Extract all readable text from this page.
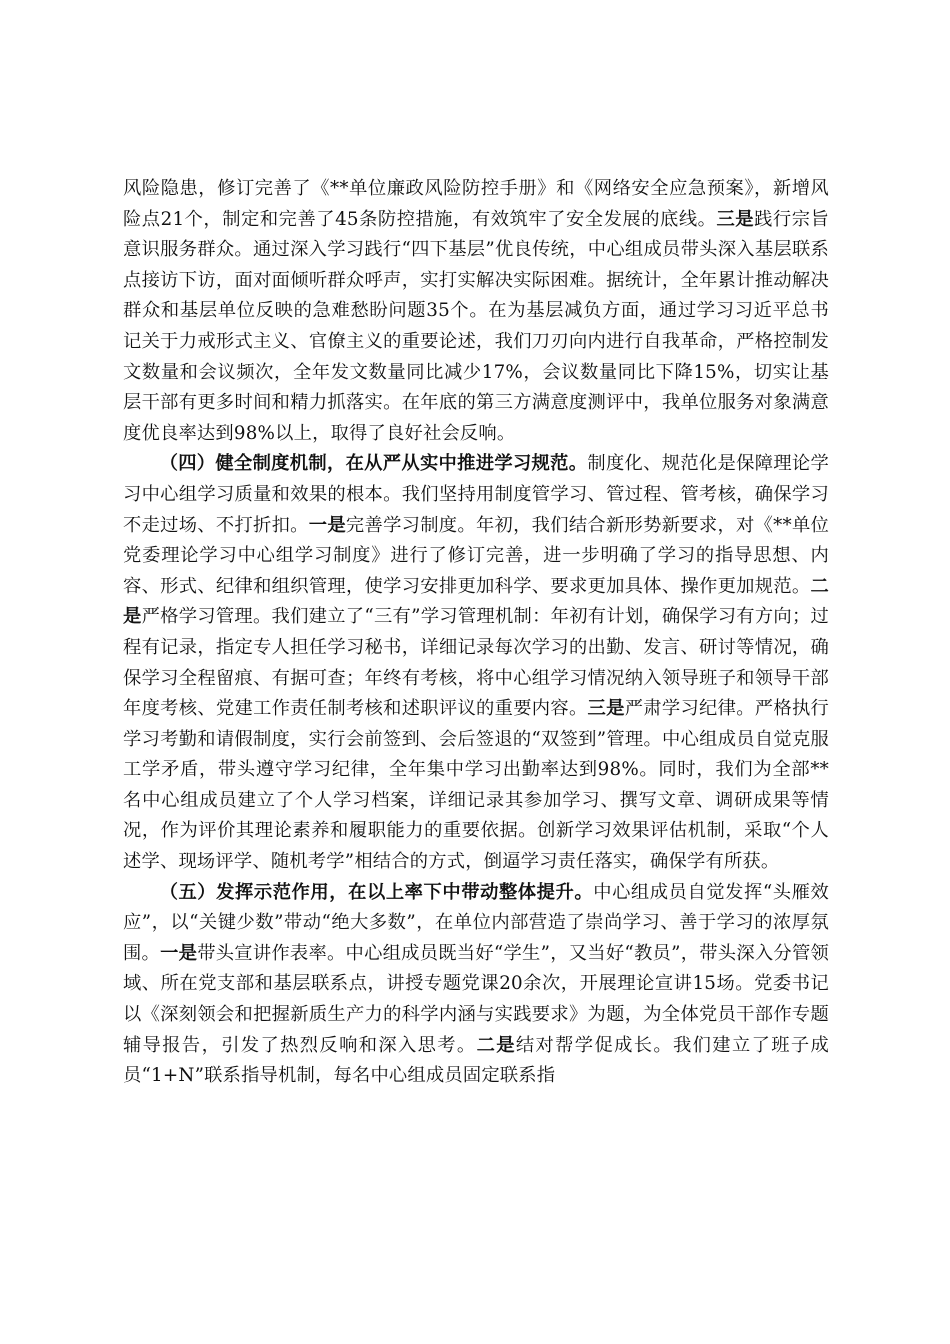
风险隐患，修订完善了《**单位廉政风险防控手册》和《网络安全应急预案》，新增风险点21个，制定和完善了45条防控措施，有效筑牢了安全发展的底线。三是践行宗旨意识服务群众。通过深入学习践行“四下基层”优良传统，中心组成员带头深入基层联系点接访下访，面对面倾听群众呼声，实打实解决实际困难。据统计，全年累计推动解决群众和基层单位反映的急难愁盼问题35个。在为基层减负方面，通过学习习近平总书记关于力戒形式主义、官僚主义的重要论述，我们刀刃向内进行自我革命，严格控制发文数量和会议频次，全年发文数量同比减少17%，会议数量同比下降15%，切实让基层干部有更多时间和精力抓落实。在年底的第三方满意度测评中，我单位服务对象满意度优良率达到98%以上，取得了良好社会反响。

（四）健全制度机制，在从严从实中推进学习规范。制度化、规范化是保障理论学习中心组学习质量和效果的根本。我们坚持用制度管学习、管过程、管考核，确保学习不走过场、不打折扣。一是完善学习制度。年初，我们结合新形势新要求，对《**单位党委理论学习中心组学习制度》进行了修订完善，进一步明确了学习的指导思想、内容、形式、纪律和组织管理，使学习安排更加科学、要求更加具体、操作更加规范。二是严格学习管理。我们建立了“三有”学习管理机制：年初有计划，确保学习有方向；过程有记录，指定专人担任学习秘书，详细记录每次学习的出勤、发言、研讨等情况，确保学习全程留痕、有据可查；年终有考核，将中心组学习情况纳入领导班子和领导干部年度考核、党建工作责任制考核和述职评议的重要内容。三是严肃学习纪律。严格执行学习考勤和请假制度，实行会前签到、会后签退的“双签到”管理。中心组成员自觉克服工学矛盾，带头遵守学习纪律，全年集中学习出勤率达到98%。同时，我们为全部**名中心组成员建立了个人学习档案，详细记录其参加学习、撰写文章、调研成果等情况，作为评价其理论素养和履职能力的重要依据。创新学习效果评估机制，采取“个人述学、现场评学、随机考学”相结合的方式，倒逼学习责任落实，确保学有所获。

（五）发挥示范作用，在以上率下中带动整体提升。中心组成员自觉发挥“头雁效应”，以“关键少数”带动“绝大多数”，在单位内部营造了崇尚学习、善于学习的浓厚氛围。一是带头宣讲作表率。中心组成员既当好“学生”，又当好“教员”，带头深入分管领域、所在党支部和基层联系点，讲授专题党课20余次，开展理论宣讲15场。党委书记以《深刻领会和把握新质生产力的科学内涵与实践要求》为题，为全体党员干部作专题辅导报告，引发了热烈反响和深入思考。二是结对帮学促成长。我们建立了班子成员“1+N”联系指导机制，每名中心组成员固定联系指
